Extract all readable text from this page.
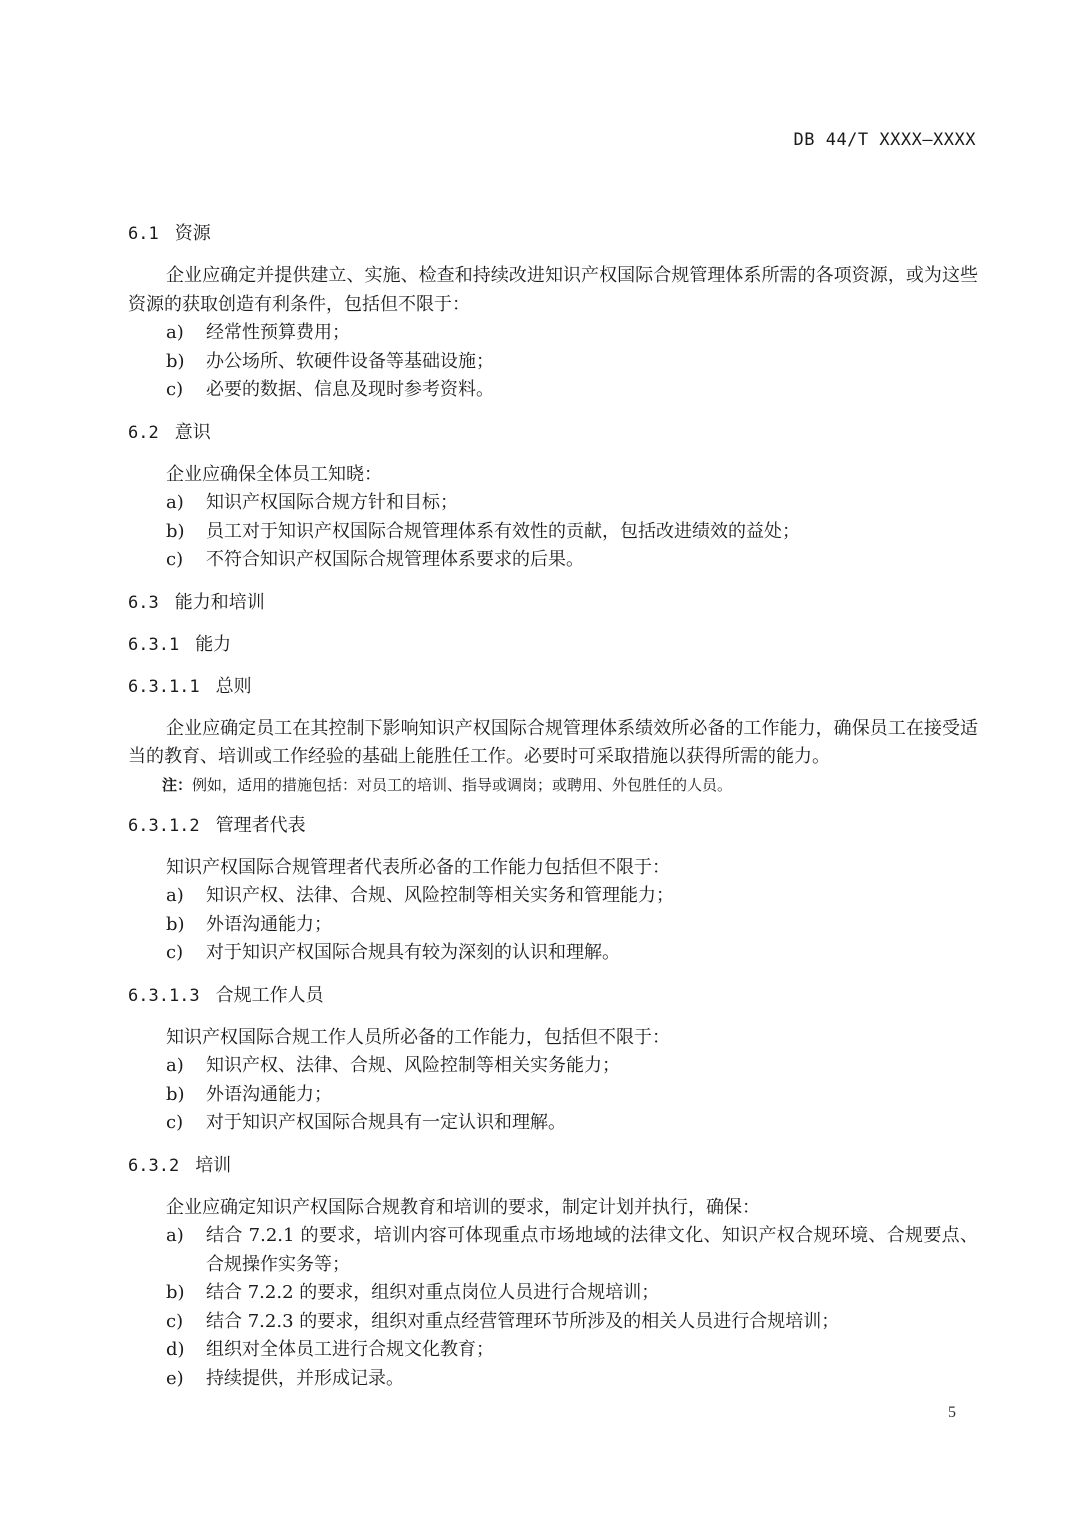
DB 44/T XXXX—XXXX
6.1 资源

企业应确定并提供建立、实施、检查和持续改进知识产权国际合规管理体系所需的各项资源，或为这些资源的获取创造有利条件，包括但不限于：

a)	经常性预算费用；
b)	办公场所、软硬件设备等基础设施；
c)	必要的数据、信息及现时参考资料。
6.2 意识

企业应确保全体员工知晓：

a)	知识产权国际合规方针和目标；
b)	员工对于知识产权国际合规管理体系有效性的贡献，包括改进绩效的益处；
c)	不符合知识产权国际合规管理体系要求的后果。
6.3 能力和培训
6.3.1 能力
6.3.1.1 总则

企业应确定员工在其控制下影响知识产权国际合规管理体系绩效所必备的工作能力，确保员工在接受适当的教育、培训或工作经验的基础上能胜任工作。必要时可采取措施以获得所需的能力。

注：例如，适用的措施包括：对员工的培训、指导或调岗；或聘用、外包胜任的人员。
6.3.1.2 管理者代表

知识产权国际合规管理者代表所必备的工作能力包括但不限于：

a)	知识产权、法律、合规、风险控制等相关实务和管理能力；
b)	外语沟通能力；
c)	对于知识产权国际合规具有较为深刻的认识和理解。
6.3.1.3 合规工作人员

知识产权国际合规工作人员所必备的工作能力，包括但不限于：

a)	知识产权、法律、合规、风险控制等相关实务能力；
b)	外语沟通能力；
c)	对于知识产权国际合规具有一定认识和理解。
6.3.2 培训

企业应确定知识产权国际合规教育和培训的要求，制定计划并执行，确保：

a)	结合 7.2.1 的要求，培训内容可体现重点市场地域的法律文化、知识产权合规环境、合规要点、合规操作实务等；
b)	结合 7.2.2 的要求，组织对重点岗位人员进行合规培训；
c)	结合 7.2.3 的要求，组织对重点经营管理环节所涉及的相关人员进行合规培训；
d)	组织对全体员工进行合规文化教育；
e)	持续提供，并形成记录。
5
